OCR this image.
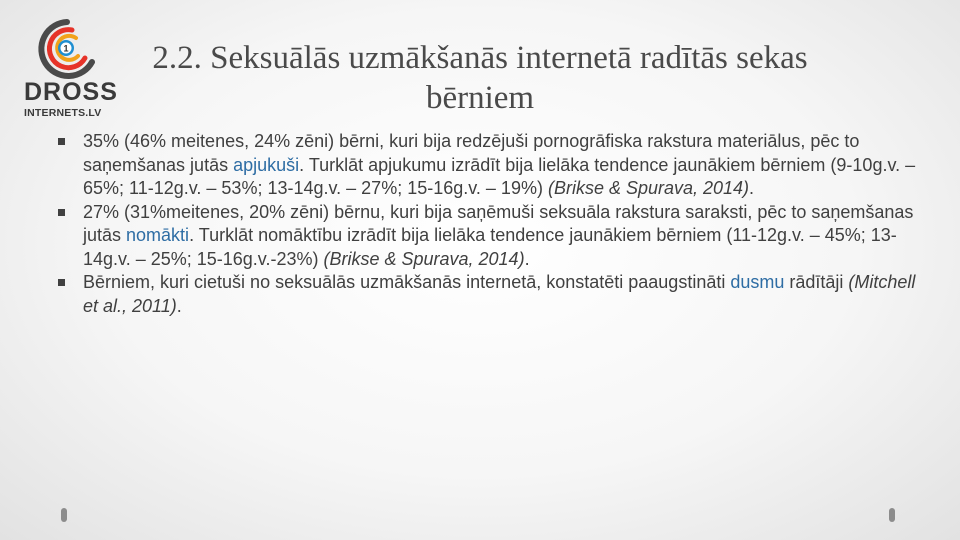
1
DROSS
INTERNETS.LV
2.2. Seksuālās uzmākšanās internetā radītās sekas
bērniem
35% (46% meitenes, 24% zēni) bērni, kuri bija redzējuši pornogrāfiska rakstura materiālus, pēc to saņemšanas jutās apjukuši. Turklāt apjukumu izrādīt bija lielāka tendence jaunākiem bērniem (9-10g.v. – 65%; 11-12g.v. – 53%; 13-14g.v. – 27%; 15-16g.v. – 19%) (Brikse & Spurava, 2014).
27% (31%meitenes, 20% zēni) bērnu, kuri bija saņēmuši seksuāla rakstura saraksti, pēc to saņemšanas jutās nomākti. Turklāt nomāktību izrādīt bija lielāka tendence jaunākiem bērniem (11-12g.v. – 45%; 13-14g.v. – 25%; 15-16g.v.-23%) (Brikse & Spurava, 2014).
Bērniem, kuri cietuši no seksuālās uzmākšanās internetā, konstatēti paaugstināti dusmu rādītāji (Mitchell et al., 2011).
